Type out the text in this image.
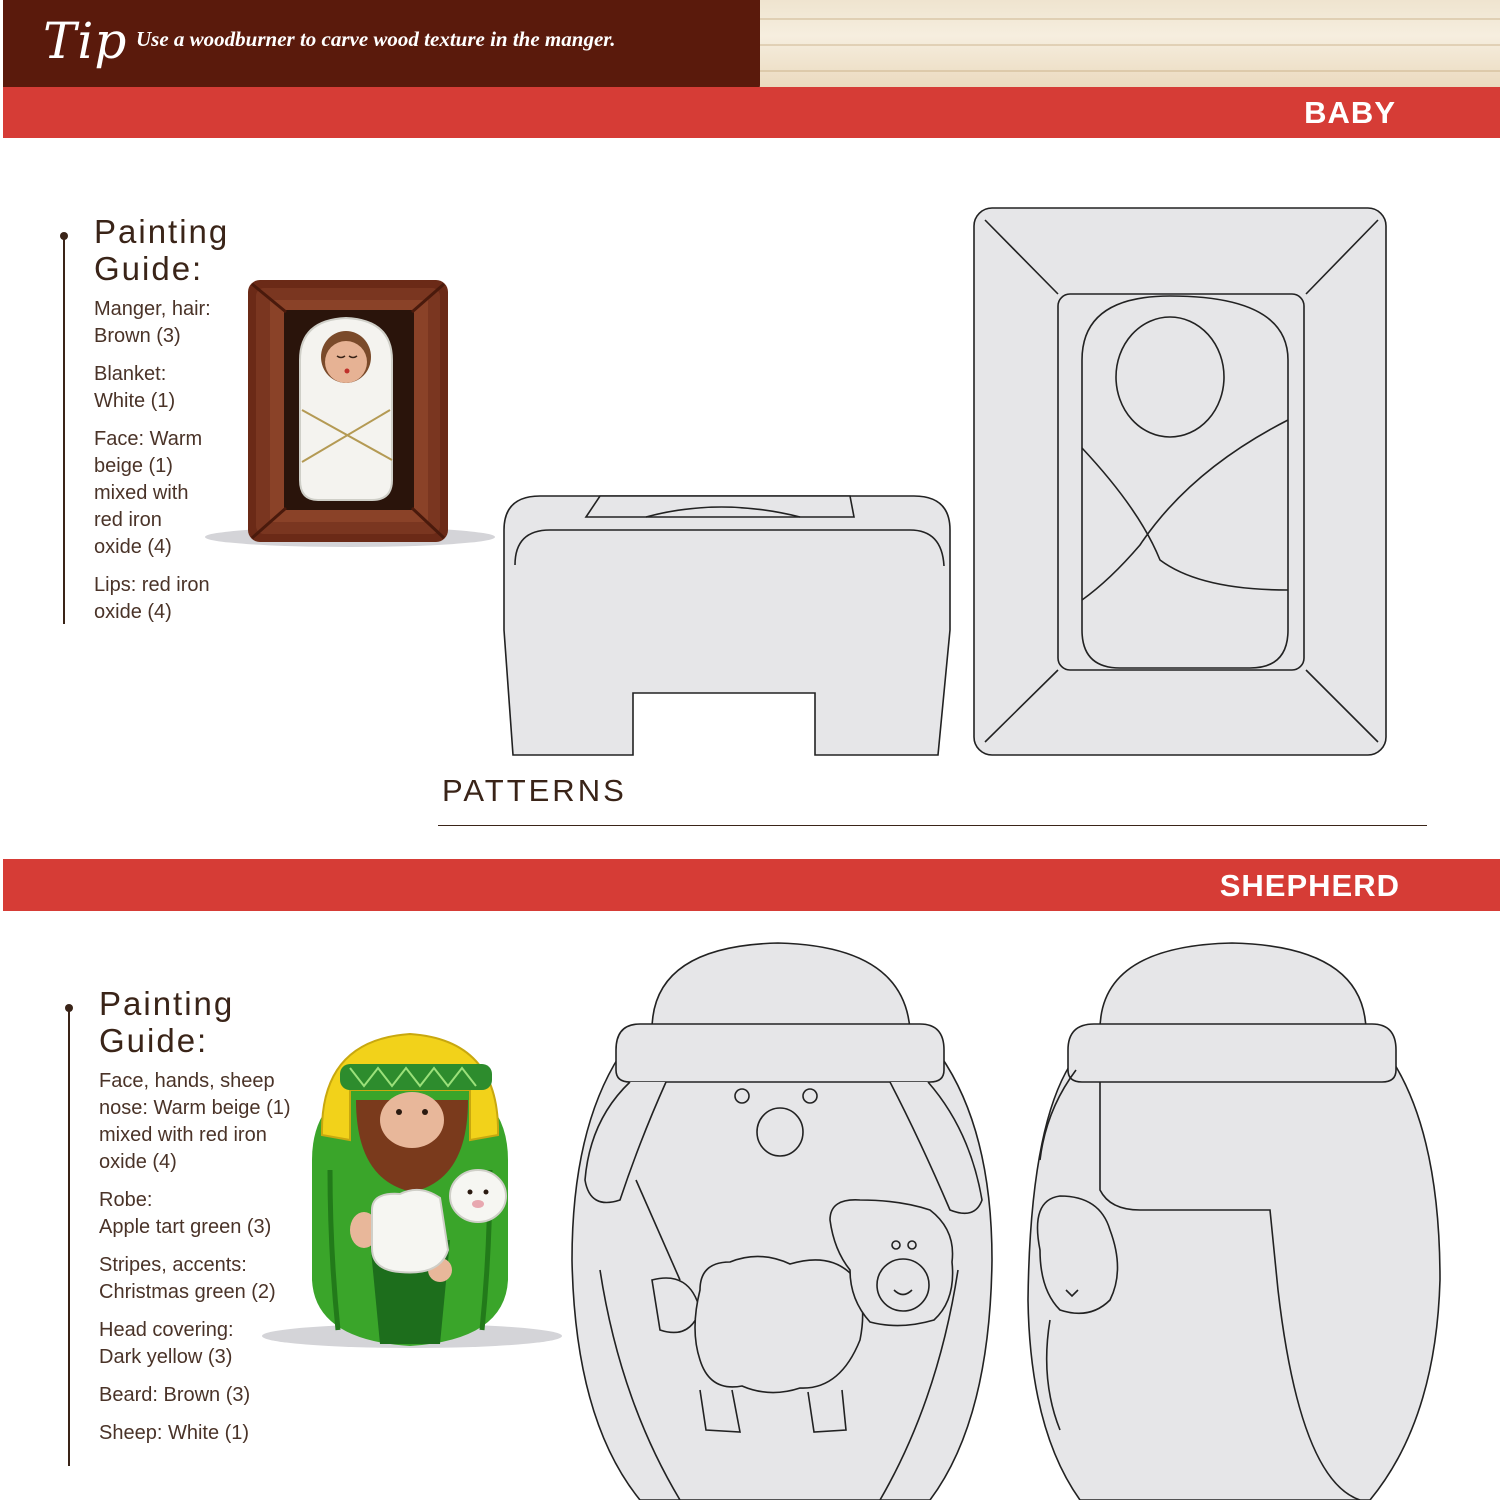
Tip Use a woodburner to carve wood texture in the manger.
BABY
Painting
Guide:
Manger, hair:
Brown (3)
Blanket:
White (1)
Face: Warm
beige (1)
mixed with
red iron
oxide (4)
Lips: red iron
oxide (4)
PATTERNS
SHEPHERD
Painting
Guide:
Face, hands, sheep
nose: Warm beige (1)
mixed with red iron
oxide (4)
Robe:
Apple tart green (3)
Stripes, accents:
Christmas green (2)
Head covering:
Dark yellow (3)
Beard: Brown (3)
Sheep: White (1)
